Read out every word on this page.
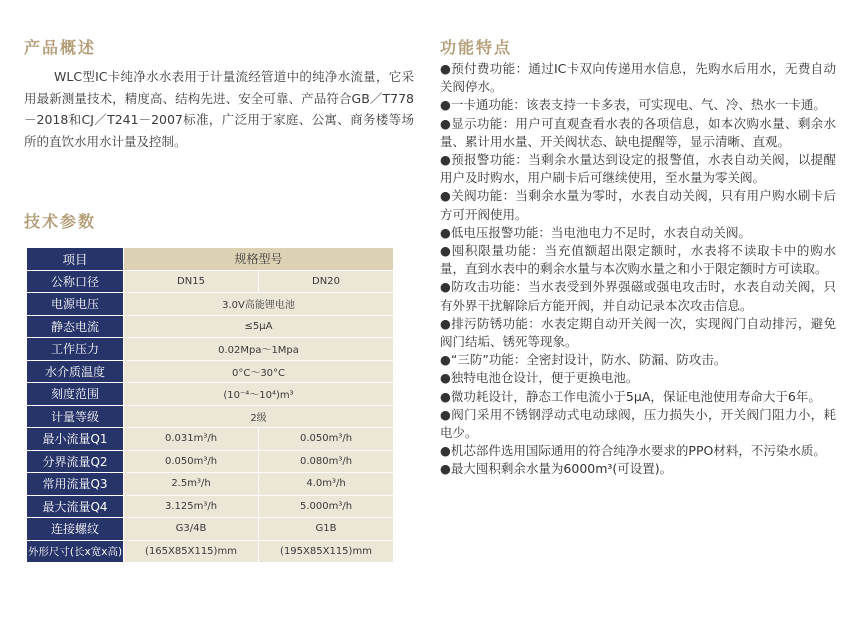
产品概述

WLC型IC卡纯净水水表用于计量流经管道中的纯净水流量，它采用最新测量技术，精度高、结构先进、安全可靠、产品符合GB／T778－2018和CJ／T241－2007标准，广泛用于家庭、公寓、商务楼等场所的直饮水用水计量及控制。

技术参数
项目	规格型号	
公称口径	DN15	DN20
电源电压	3.0V高能锂电池	
静态电流	≤5μA	
工作压力	0.02Mpa～1Mpa	
水介质温度	0°C～30°C	
刻度范围	(10⁻⁴～10⁴)m³	
计量等级	2级	
最小流量Q1	0.031m³/h	0.050m³/h
分界流量Q2	0.050m³/h	0.080m³/h
常用流量Q3	2.5m³/h	4.0m³/h
最大流量Q4	3.125m³/h	5.000m³/h
连接螺纹	G3/4B	G1B
外形尺寸(长x宽x高)	(165X85X115)mm	(195X85X115)mm
功能特点

●预付费功能：通过IC卡双向传递用水信息，先购水后用水，无费自动关阀停水。

●一卡通功能：该表支持一卡多表，可实现电、气、冷、热水一卡通。

●显示功能：用户可直观查看水表的各项信息，如本次购水量、剩余水量、累计用水量、开关阀状态、缺电提醒等，显示清晰、直观。

●预报警功能：当剩余水量达到设定的报警值，水表自动关阀，以提醒用户及时购水，用户刷卡后可继续使用，至水量为零关阀。

●关阀功能：当剩余水量为零时，水表自动关阀，只有用户购水刷卡后方可开阀使用。

●低电压报警功能：当电池电力不足时，水表自动关阀。

●囤积限量功能：当充值额超出限定额时，水表将不读取卡中的购水量，直到水表中的剩余水量与本次购水量之和小于限定额时方可读取。

●防攻击功能：当水表受到外界强磁或强电攻击时，水表自动关阀，只有外界干扰解除后方能开阀，并自动记录本次攻击信息。

●排污防锈功能：水表定期自动开关阀一次，实现阀门自动排污，避免阀门结垢、锈死等现象。

●“三防”功能：全密封设计，防水、防漏、防攻击。

●独特电池仓设计，便于更换电池。

●微功耗设计，静态工作电流小于5μA，保证电池使用寿命大于6年。

●阀门采用不锈钢浮动式电动球阀，压力损失小，开关阀门阻力小，耗电少。

●机芯部件选用国际通用的符合纯净水要求的PPO材料，不污染水质。

●最大囤积剩余水量为6000m³(可设置)。
